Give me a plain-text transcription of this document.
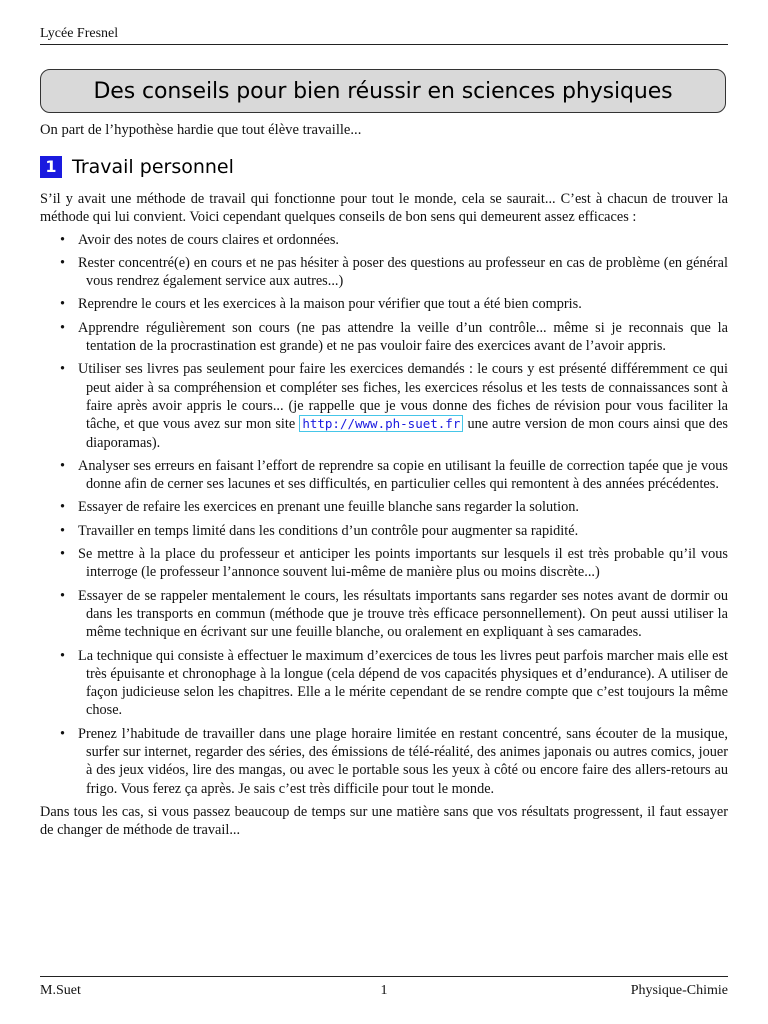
Lycée Fresnel
Des conseils pour bien réussir en sciences physiques
On part de l’hypothèse hardie que tout élève travaille...
1 Travail personnel

S’il y avait une méthode de travail qui fonctionne pour tout le monde, cela se saurait... C’est à chacun de trouver la méthode qui lui convient. Voici cependant quelques conseils de bon sens qui demeurent assez efficaces :

• Avoir des notes de cours claires et ordonnées.
• Rester concentré(e) en cours et ne pas hésiter à poser des questions au professeur en cas de problème (en général vous rendrez également service aux autres...)
• Reprendre le cours et les exercices à la maison pour vérifier que tout a été bien compris.
• Apprendre régulièrement son cours (ne pas attendre la veille d’un contrôle... même si je reconnais que la tentation de la procrastination est grande) et ne pas vouloir faire des exercices avant de l’avoir appris.
• Utiliser ses livres pas seulement pour faire les exercices demandés : le cours y est présenté différemment ce qui peut aider à sa compréhension et compléter ses fiches, les exercices résolus et les tests de connaissances sont à faire après avoir appris le cours... (je rappelle que je vous donne des fiches de révision pour vous faciliter la tâche, et que vous avez sur mon site http://www.ph-suet.fr une autre version de mon cours ainsi que des diaporamas).
• Analyser ses erreurs en faisant l’effort de reprendre sa copie en utilisant la feuille de correction tapée que je vous donne afin de cerner ses lacunes et ses difficultés, en particulier celles qui remontent à des années précédentes.
• Essayer de refaire les exercices en prenant une feuille blanche sans regarder la solution.
• Travailler en temps limité dans les conditions d’un contrôle pour augmenter sa rapidité.
• Se mettre à la place du professeur et anticiper les points importants sur lesquels il est très probable qu’il vous interroge (le professeur l’annonce souvent lui-même de manière plus ou moins discrète...)
• Essayer de se rappeler mentalement le cours, les résultats importants sans regarder ses notes avant de dormir ou dans les transports en commun (méthode que je trouve très efficace personnellement). On peut aussi utiliser la même technique en écrivant sur une feuille blanche, ou oralement en expliquant à ses camarades.
• La technique qui consiste à effectuer le maximum d’exercices de tous les livres peut parfois marcher mais elle est très épuisante et chronophage à la longue (cela dépend de vos capacités physiques et d’endurance). A utiliser de façon judicieuse selon les chapitres. Elle a le mérite cependant de se rendre compte que c’est toujours la même chose.
• Prenez l’habitude de travailler dans une plage horaire limitée en restant concentré, sans écouter de la musique, surfer sur internet, regarder des séries, des émissions de télé-réalité, des animes japonais ou autres comics, jouer à des jeux vidéos, lire des mangas, ou avec le portable sous les yeux à côté ou encore faire des allers-retours au frigo. Vous ferez ça après. Je sais c’est très difficile pour tout le monde.

Dans tous les cas, si vous passez beaucoup de temps sur une matière sans que vos résultats progressent, il faut essayer de changer de méthode de travail...

M.Suet	1	Physique-Chimie
